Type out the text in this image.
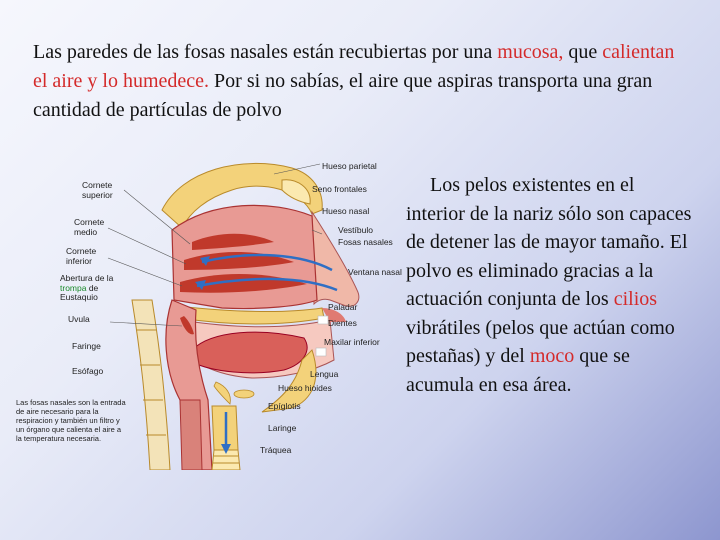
Las paredes de las fosas nasales están recubiertas por una mucosa, que calientan el aire y lo humedece. Por si no sabías, el aire que aspiras transporta una gran cantidad de partículas de polvo
Cornete superior
Cornete medio
Cornete inferior
Abertura de la
trompa de
Eustaquio
Uvula
Faringe
Esófago
Las fosas nasales son la entrada de aire necesario para la respiracion y también un filtro y un órgano que calienta el aire a la temperatura necesaria.
Hueso parietal
Seno frontales
Hueso nasal
Vestíbulo
Fosas nasales
Ventana nasal
Paladar
Dientes
Maxilar inferior
Lengua
Hueso hioides
Epíglotis
Laringe
Tráquea
Los pelos existentes en el interior de la nariz sólo son capaces de detener las de mayor tamaño. El polvo es eliminado gracias a la actuación conjunta de los cilios vibrátiles (pelos que actúan como pestañas) y del moco que se acumula en esa área.
